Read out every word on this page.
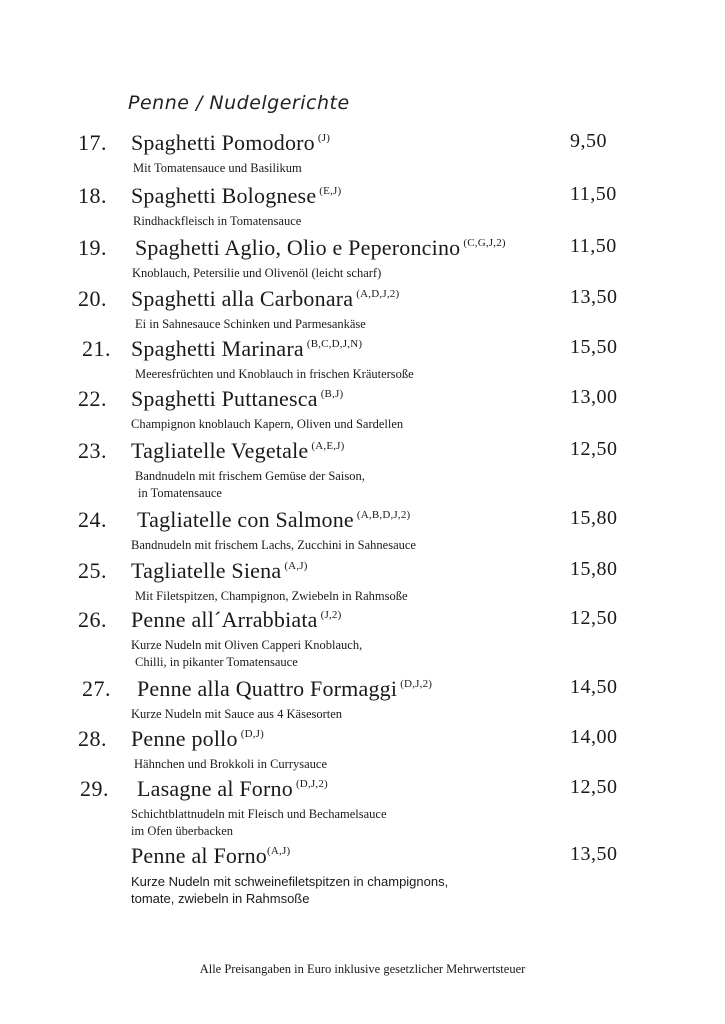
Penne / Nudelgerichte
17. Spaghetti Pomodoro $^{(J)}$	9,50
Mit Tomatensauce und Basilikum
18. Spaghetti Bolognese $^{(E,J)}$	11,50
Rindhackfleisch in Tomatensauce
19. Spaghetti Aglio, Olio e Peperoncino $^{(C,G,J,2)}$	11,50
Knoblauch, Petersilie und Olivenöl (leicht scharf)
20. Spaghetti alla Carbonara $^{(A,D,J,2)}$	13,50
Ei in Sahnesauce Schinken und Parmesankäse
21. Spaghetti Marinara $^{(B,C,D,J,N)}$	15,50
Meeresfrüchten und Knoblauch in frischen Kräutersoße
22. Spaghetti Puttanesca $^{(B,J)}$	13,00
Champignon knoblauch Kapern, Oliven und Sardellen
23. Tagliatelle Vegetale $^{(A,E,J)}$	12,50
Bandnudeln mit frischem Gemüse der Saison,
in Tomatensauce
24. Tagliatelle con Salmone $^{(A,B,D,J,2)}$	15,80
Bandnudeln mit frischem Lachs, Zucchini in Sahnesauce
25. Tagliatelle Siena $^{(A,J)}$	15,80
Mit Filetspitzen, Champignon, Zwiebeln in Rahmsoße
26. Penne all´Arrabbiata $^{(J,2)}$	12,50
Kurze Nudeln mit Oliven Capperi Knoblauch,
Chilli, in pikanter Tomatensauce
27. Penne alla Quattro Formaggi $^{(D,J,2)}$	14,50
Kurze Nudeln mit Sauce aus 4 Käsesorten
28. Penne pollo $^{(D,J)}$	14,00
Hähnchen und Brokkoli in Currysauce
29. Lasagne al Forno $^{(D,J,2)}$	12,50
Schichtblattnudeln mit Fleisch und Bechamelsauce
im Ofen überbacken
Penne al Forno$^{(A,J)}$	13,50
Kurze Nudeln mit schweinefiletspitzen in champignons,
tomate, zwiebeln in Rahmsoße
Alle Preisangaben in Euro inklusive gesetzlicher Mehrwertsteuer
